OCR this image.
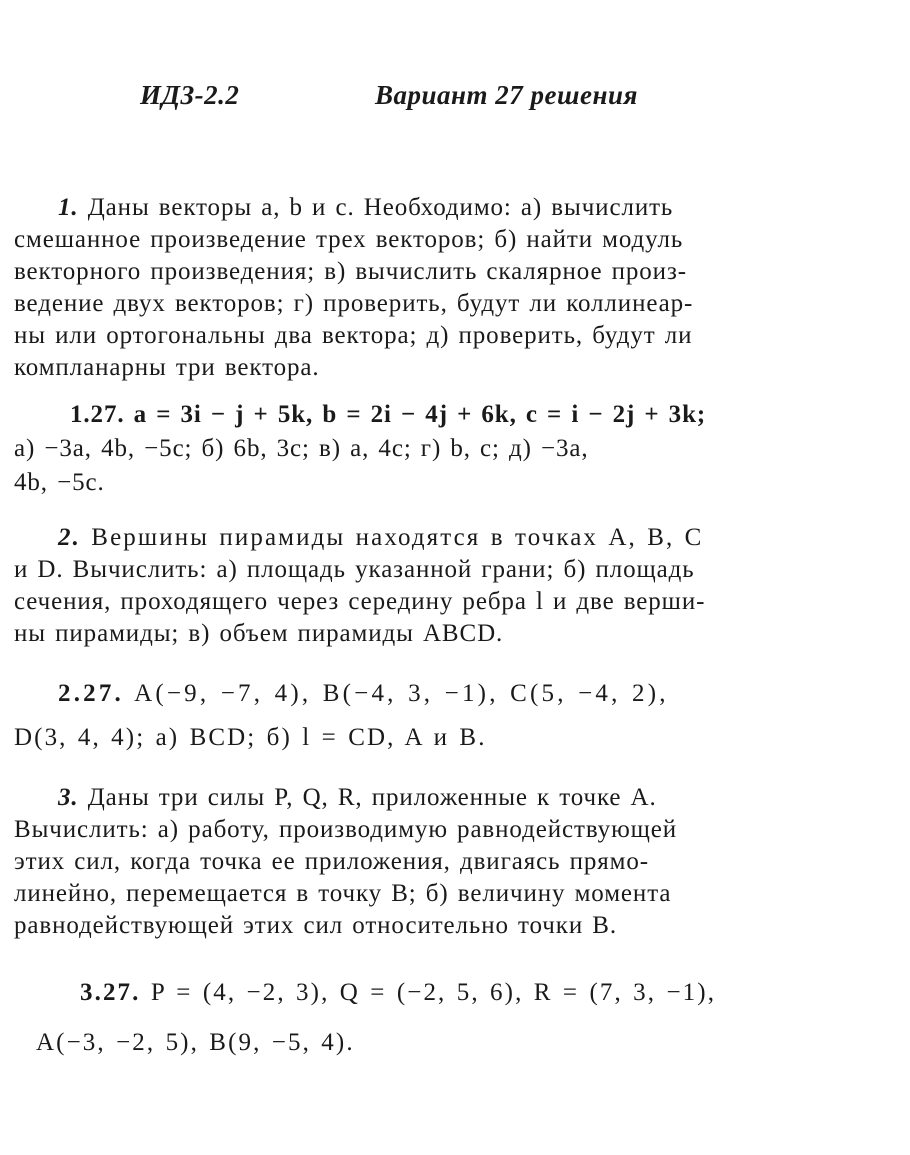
ИДЗ-2.2	Вариант 27 решения
1. Даны векторы a, b и c. Необходимо: а) вычислить
смешанное произведение трех векторов; б) найти модуль
векторного произведения; в) вычислить скалярное произ-
ведение двух векторов; г) проверить, будут ли коллинеар-
ны или ортогональны два вектора; д) проверить, будут ли
компланарны три вектора.
1.27. a = 3i − j + 5k, b = 2i − 4j + 6k, c = i − 2j + 3k;
а) −3a, 4b, −5c; б) 6b, 3c; в) a, 4c; г) b, c; д) −3a,
4b, −5c.
2. Вершины пирамиды находятся в точках A, B, C
и D. Вычислить: а) площадь указанной грани; б) площадь
сечения, проходящего через середину ребра l и две верши-
ны пирамиды; в) объем пирамиды ABCD.
2.27. A(−9, −7, 4), B(−4, 3, −1), C(5, −4, 2),
D(3, 4, 4); а) BCD; б) l = CD, A и B.
3. Даны три силы P, Q, R, приложенные к точке A.
Вычислить: а) работу, производимую равнодействующей
этих сил, когда точка ее приложения, двигаясь прямо-
линейно, перемещается в точку B; б) величину момента
равнодействующей этих сил относительно точки B.
3.27. P = (4, −2, 3), Q = (−2, 5, 6), R = (7, 3, −1),
A(−3, −2, 5), B(9, −5, 4).
